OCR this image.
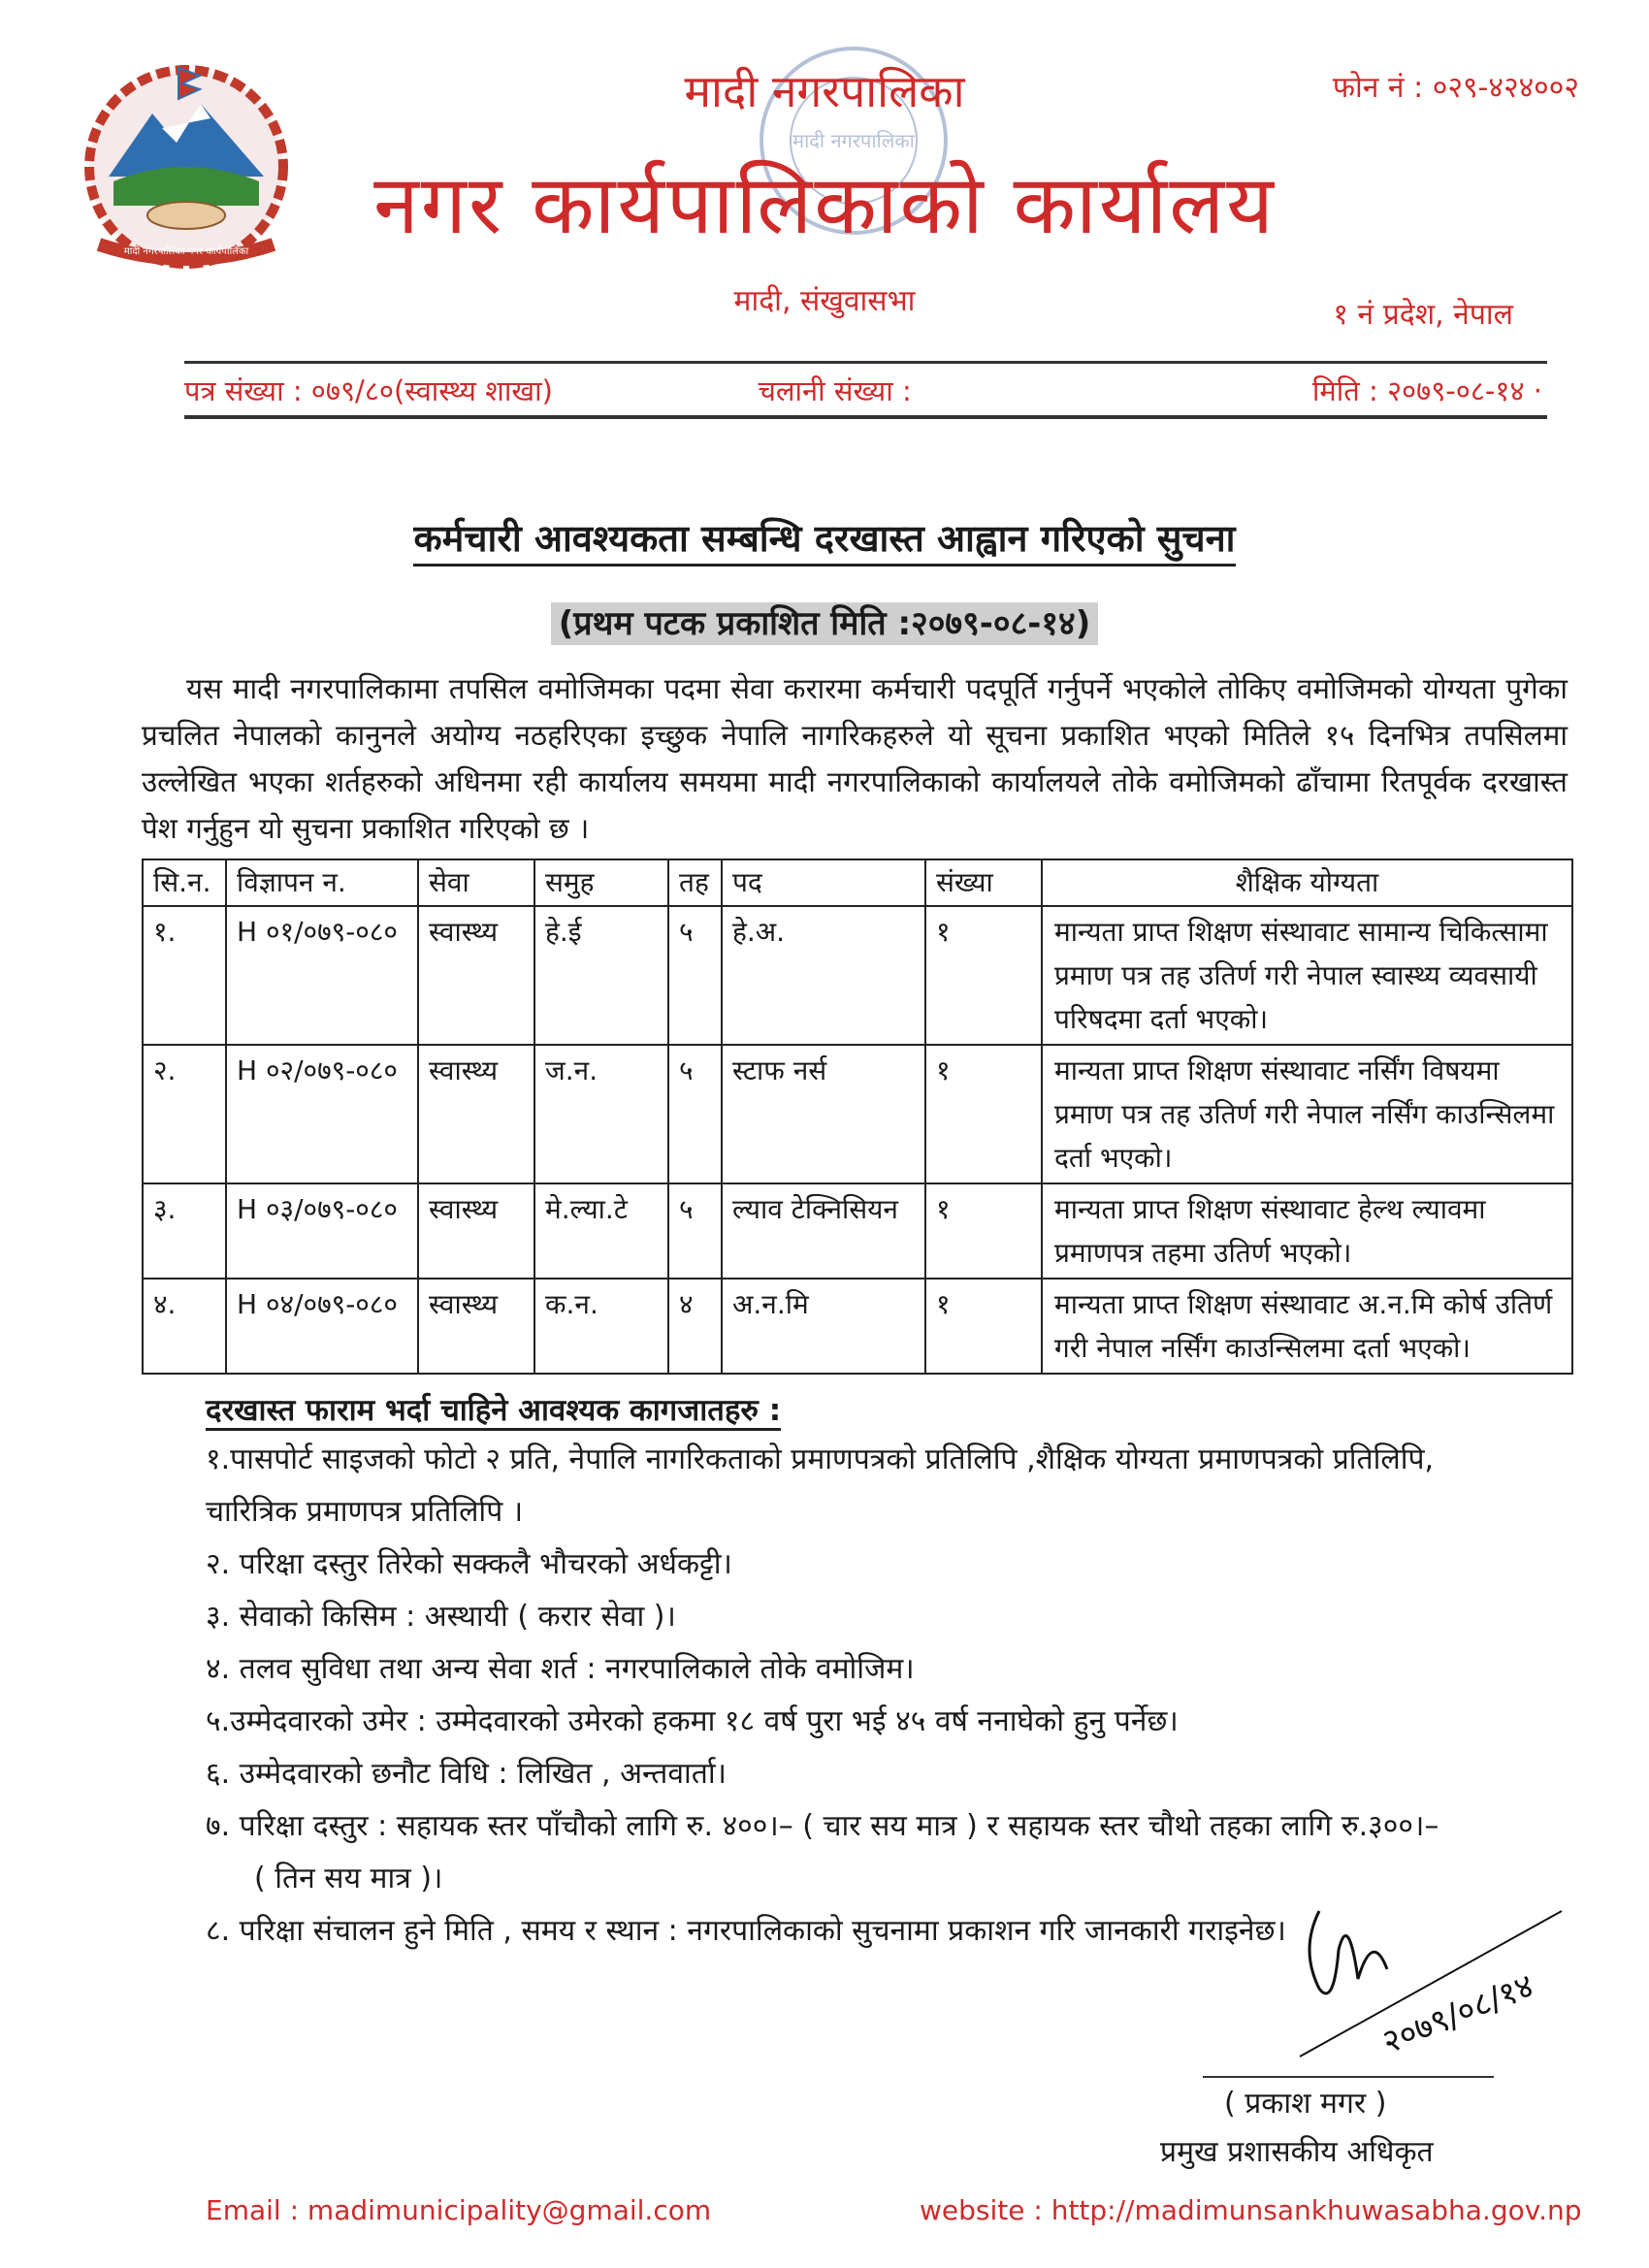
मादी नगरपालिका नगर कार्यपालिका
मादी नगरपालिका
मादी नगरपालिका
नगर कार्यपालिकाको कार्यालय
मादी, संखुवासभा
फोन नं : ०२९-४२४००२
१ नं प्रदेश, नेपाल
पत्र संख्या : ०७९/८०(स्वास्थ्य शाखा)	चलानी संख्या :	मिति : २०७९-०८-१४ ·
कर्मचारी आवश्यकता सम्बन्धि दरखास्त आह्वान गरिएको सुचना
(प्रथम पटक प्रकाशित मिति :२०७९-०८-१४)
यस मादी नगरपालिकामा तपसिल वमोजिमका पदमा सेवा करारमा कर्मचारी पदपूर्ति गर्नुपर्ने भएकोले तोकिए वमोजिमको योग्यता पुगेका प्रचलित नेपालको कानुनले अयोग्य नठहरिएका इच्छुक नेपालि नागरिकहरुले यो सूचना प्रकाशित भएको मितिले १५ दिनभित्र तपसिलमा उल्लेखित भएका शर्तहरुको अधिनमा रही कार्यालय समयमा मादी नगरपालिकाको कार्यालयले तोके वमोजिमको ढाँचामा रितपूर्वक दरखास्त पेश गर्नुहुन यो सुचना प्रकाशित गरिएको छ ।
सि.न.	विज्ञापन न.	सेवा	समुह	तह	पद	संख्या	शैक्षिक योग्यता
१.	H ०१/०७९-०८०	स्वास्थ्य	हे.ई	५	हे.अ.	१	मान्यता प्राप्त शिक्षण संस्थावाट सामान्य चिकित्सामा प्रमाण पत्र तह उतिर्ण गरी नेपाल स्वास्थ्य व्यवसायी परिषदमा दर्ता भएको।
२.	H ०२/०७९-०८०	स्वास्थ्य	ज.न.	५	स्टाफ नर्स	१	मान्यता प्राप्त शिक्षण संस्थावाट नर्सिंग विषयमा प्रमाण पत्र तह उतिर्ण गरी नेपाल नर्सिंग काउन्सिलमा दर्ता भएको।
३.	H ०३/०७९-०८०	स्वास्थ्य	मे.ल्या.टे	५	ल्याव टेक्निसियन	१	मान्यता प्राप्त शिक्षण संस्थावाट हेल्थ ल्यावमा प्रमाणपत्र तहमा उतिर्ण भएको।
४.	H ०४/०७९-०८०	स्वास्थ्य	क.न.	४	अ.न.मि	१	मान्यता प्राप्त शिक्षण संस्थावाट अ.न.मि कोर्ष उतिर्ण गरी नेपाल नर्सिंग काउन्सिलमा दर्ता भएको।
दरखास्त फाराम भर्दा चाहिने आवश्यक कागजातहरु :
१.पासपोर्ट साइजको फोटो २ प्रति, नेपालि नागरिकताको प्रमाणपत्रको प्रतिलिपि ,शैक्षिक योग्यता प्रमाणपत्रको प्रतिलिपि,
चारित्रिक प्रमाणपत्र प्रतिलिपि ।
२. परिक्षा दस्तुर तिरेको सक्कलै भौचरको अर्धकट्टी।
३. सेवाको किसिम : अस्थायी ( करार सेवा )।
४. तलव सुविधा तथा अन्य सेवा शर्त : नगरपालिकाले तोके वमोजिम।
५.उम्मेदवारको उमेर : उम्मेदवारको उमेरको हकमा १८ वर्ष पुरा भई ४५ वर्ष ननाघेको हुनु पर्नेछ।
६. उम्मेदवारको छनौट विधि : लिखित , अन्तवार्ता।
७. परिक्षा दस्तुर : सहायक स्तर पाँचौको लागि रु. ४००।– ( चार सय मात्र ) र सहायक स्तर चौथो तहका लागि रु.३००।–
( तिन सय मात्र )।
८. परिक्षा संचालन हुने मिति , समय र स्थान : नगरपालिकाको सुचनामा प्रकाशन गरि जानकारी गराइनेछ।
२०७९/०८/१४
( प्रकाश मगर )
प्रमुख प्रशासकीय अधिकृत
Email : madimunicipality@gmail.com	website : http://madimunsankhuwasabha.gov.np
